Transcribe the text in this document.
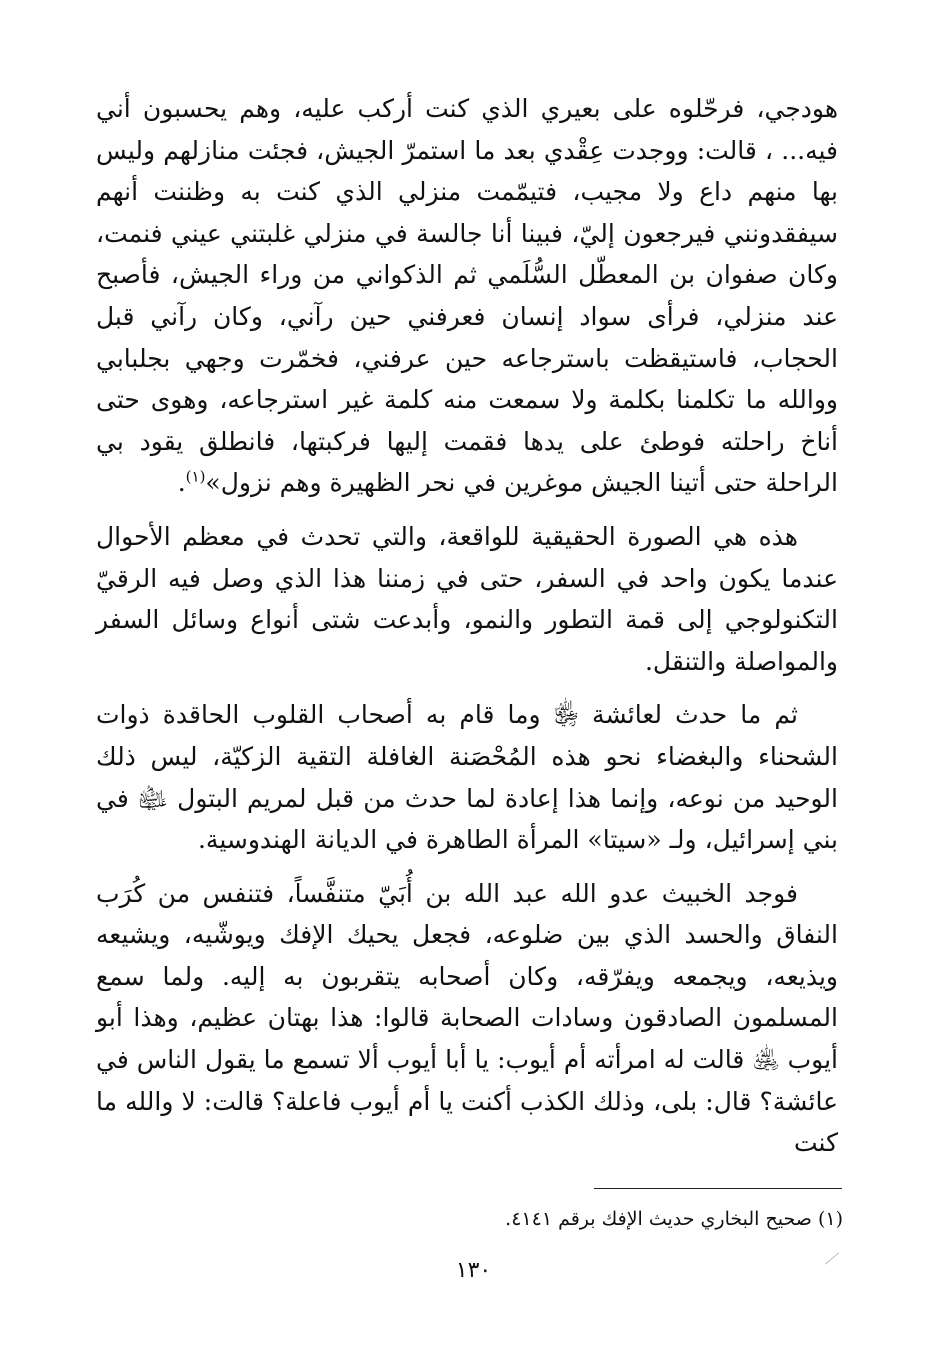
هودجي، فرحّلوه على بعيري الذي كنت أركب عليه، وهم يحسبون أني فيه... ، قالت: ووجدت عِقْدي بعد ما استمرّ الجيش، فجئت منازلهم وليس بها منهم داع ولا مجيب، فتيمّمت منزلي الذي كنت به وظننت أنهم سيفقدونني فيرجعون إليّ، فبينا أنا جالسة في منزلي غلبتني عيني فنمت، وكان صفوان بن المعطّل السُّلَمي ثم الذكواني من وراء الجيش، فأصبح عند منزلي، فرأى سواد إنسان فعرفني حين رآني، وكان رآني قبل الحجاب، فاستيقظت باسترجاعه حين عرفني، فخمّرت وجهي بجلبابي ووالله ما تكلمنا بكلمة ولا سمعت منه كلمة غير استرجاعه، وهوى حتى أناخ راحلته فوطئ على يدها فقمت إليها فركبتها، فانطلق يقود بي الراحلة حتى أتينا الجيش موغرين في نحر الظهيرة وهم نزول»$^{(١)}$.

هذه هي الصورة الحقيقية للواقعة، والتي تحدث في معظم الأحوال عندما يكون واحد في السفر، حتى في زمننا هذا الذي وصل فيه الرقيّ التكنولوجي إلى قمة التطور والنمو، وأبدعت شتى أنواع وسائل السفر والمواصلة والتنقل.

ثم ما حدث لعائشة ﵂ وما قام به أصحاب القلوب الحاقدة ذوات الشحناء والبغضاء نحو هذه المُحْصَنة الغافلة التقية الزكيّة، ليس ذلك الوحيد من نوعه، وإنما هذا إعادة لما حدث من قبل لمريم البتول ﵍ في بني إسرائيل، ولـ «سيتا» المرأة الطاهرة في الديانة الهندوسية.

فوجد الخبيث عدو الله عبد الله بن أُبَيّ متنفَّساً، فتنفس من كُرَب النفاق والحسد الذي بين ضلوعه، فجعل يحيك الإفك ويوشّيه، ويشيعه ويذيعه، ويجمعه ويفرّقه، وكان أصحابه يتقربون به إليه. ولما سمع المسلمون الصادقون وسادات الصحابة قالوا: هذا بهتان عظيم، وهذا أبو أيوب ﵁ قالت له امرأته أم أيوب: يا أبا أيوب ألا تسمع ما يقول الناس في عائشة؟ قال: بلى، وذلك الكذب أكنت يا أم أيوب فاعلة؟ قالت: لا والله ما كنت

(١) صحيح البخاري حديث الإفك برقم ٤١٤١.
١٣٠
